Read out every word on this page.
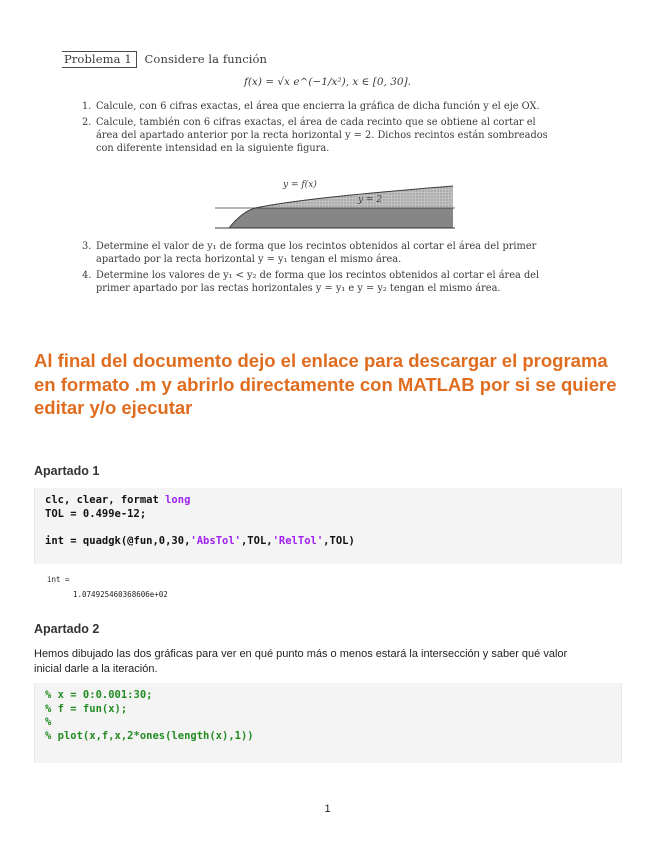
Problema 1 Considere la función
f(x) = √x e^(−1/x²), x ∈ [0, 30].
1. Calcule, con 6 cifras exactas, el área que encierra la gráfica de dicha función y el eje OX.
2. Calcule, también con 6 cifras exactas, el área de cada recinto que se obtiene al cortar el área del apartado anterior por la recta horizontal y = 2. Dichos recintos están sombreados con diferente intensidad en la siguiente figura.
y = f(x)
y = 2
3. Determine el valor de y₁ de forma que los recintos obtenidos al cortar el área del primer apartado por la recta horizontal y = y₁ tengan el mismo área.
4. Determine los valores de y₁ < y₂ de forma que los recintos obtenidos al cortar el área del primer apartado por las rectas horizontales y = y₁ e y = y₂ tengan el mismo área.
Al final del documento dejo el enlace para descargar el programa en formato .m y abrirlo directamente con MATLAB por si se quiere editar y/o ejecutar
Apartado 1
clc, clear, format long
TOL = 0.499e-12;
int = quadgk(@fun,0,30,'AbsTol',TOL,'RelTol',TOL)
int =
1.074925460368606e+02
Apartado 2
Hemos dibujado las dos gráficas para ver en qué punto más o menos estará la intersección y saber qué valor inicial darle a la iteración.
% x = 0:0.001:30;
% f = fun(x);
%
% plot(x,f,x,2*ones(length(x),1))
1
